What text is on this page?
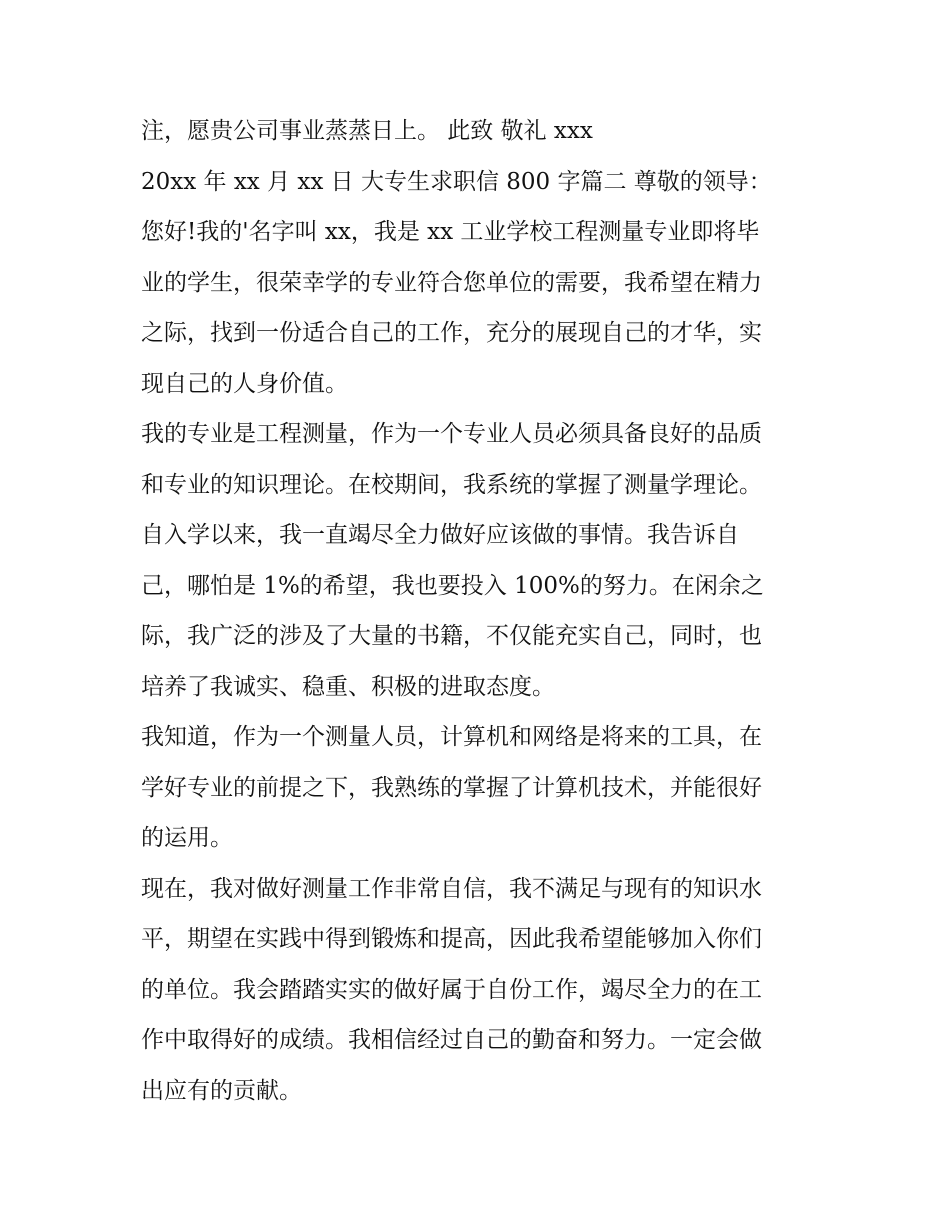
注，愿贵公司事业蒸蒸日上。 此致 敬礼 xxx
20xx 年 xx 月 xx 日 大专生求职信 800 字篇二 尊敬的领导：
您好!我的'名字叫 xx，我是 xx 工业学校工程测量专业即将毕
业的学生，很荣幸学的专业符合您单位的需要，我希望在精力
之际，找到一份适合自己的工作，充分的展现自己的才华，实
现自己的人身价值。
我的专业是工程测量，作为一个专业人员必须具备良好的品质
和专业的知识理论。在校期间，我系统的掌握了测量学理论。
自入学以来，我一直竭尽全力做好应该做的事情。我告诉自
己，哪怕是 1%的希望，我也要投入 100%的努力。在闲余之
际，我广泛的涉及了大量的书籍，不仅能充实自己，同时，也
培养了我诚实、稳重、积极的进取态度。
我知道，作为一个测量人员，计算机和网络是将来的工具，在
学好专业的前提之下，我熟练的掌握了计算机技术，并能很好
的运用。
现在，我对做好测量工作非常自信，我不满足与现有的知识水
平，期望在实践中得到锻炼和提高，因此我希望能够加入你们
的单位。我会踏踏实实的做好属于自份工作，竭尽全力的在工
作中取得好的成绩。我相信经过自己的勤奋和努力。一定会做
出应有的贡献。
